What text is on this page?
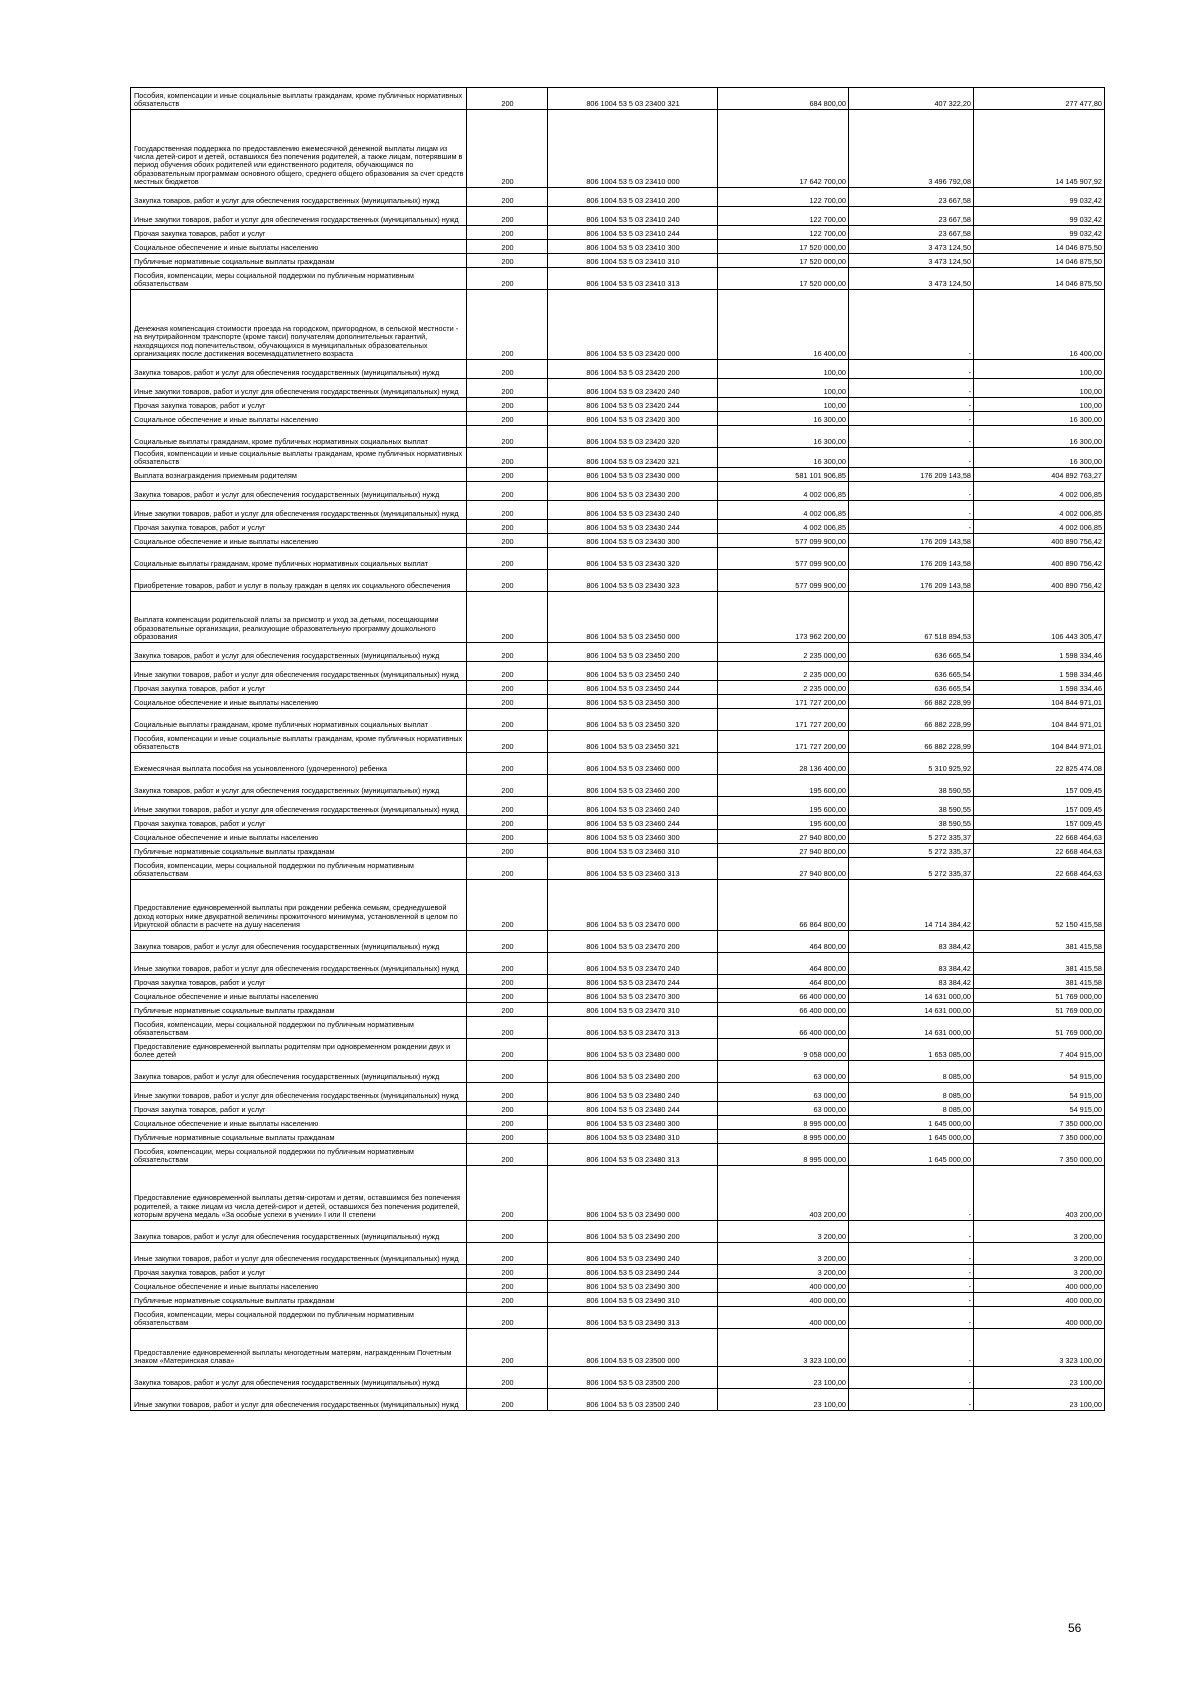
Пособия, компенсации и иные социальные выплаты гражданам, кроме публичных нормативных обязательств	200	806 1004 53 5 03 23400 321	684 800,00	407 322,20	277 477,80
Государственная поддержка по предоставлению ежемесячной денежной выплаты лицам из числа детей-сирот и детей, оставшихся без попечения родителей, а также лицам, потерявшим в период обучения обоих родителей или единственного родителя, обучающимся по образовательным программам основного общего, среднего общего образования за счет средств местных бюджетов	200	806 1004 53 5 03 23410 000	17 642 700,00	3 496 792,08	14 145 907,92
Закупка товаров, работ и услуг для обеспечения государственных (муниципальных) нужд	200	806 1004 53 5 03 23410 200	122 700,00	23 667,58	99 032,42
Иные закупки товаров, работ и услуг для обеспечения государственных (муниципальных) нужд	200	806 1004 53 5 03 23410 240	122 700,00	23 667,58	99 032,42
Прочая закупка товаров, работ и услуг	200	806 1004 53 5 03 23410 244	122 700,00	23 667,58	99 032,42
Социальное обеспечение и иные выплаты населению	200	806 1004 53 5 03 23410 300	17 520 000,00	3 473 124,50	14 046 875,50
Публичные нормативные социальные выплаты гражданам	200	806 1004 53 5 03 23410 310	17 520 000,00	3 473 124,50	14 046 875,50
Пособия, компенсации, меры социальной поддержки по публичным нормативным обязательствам	200	806 1004 53 5 03 23410 313	17 520 000,00	3 473 124,50	14 046 875,50
Денежная компенсация стоимости проезда на городском, пригородном, в сельской местности - на внутрирайонном транспорте (кроме такси) получателям дополнительных гарантий, находящихся под попечительством, обучающихся в муниципальных образовательных организациях после достижения восемнадцатилетнего возраста	200	806 1004 53 5 03 23420 000	16 400,00	-	16 400,00
Закупка товаров, работ и услуг для обеспечения государственных (муниципальных) нужд	200	806 1004 53 5 03 23420 200	100,00	-	100,00
Иные закупки товаров, работ и услуг для обеспечения государственных (муниципальных) нужд	200	806 1004 53 5 03 23420 240	100,00	-	100,00
Прочая закупка товаров, работ и услуг	200	806 1004 53 5 03 23420 244	100,00	-	100,00
Социальное обеспечение и иные выплаты населению	200	806 1004 53 5 03 23420 300	16 300,00	-	16 300,00
Социальные выплаты гражданам, кроме публичных нормативных социальных выплат	200	806 1004 53 5 03 23420 320	16 300,00	-	16 300,00
Пособия, компенсации и иные социальные выплаты гражданам, кроме публичных нормативных обязательств	200	806 1004 53 5 03 23420 321	16 300,00	-	16 300,00
Выплата вознаграждения приемным родителям	200	806 1004 53 5 03 23430 000	581 101 906,85	176 209 143,58	404 892 763,27
Закупка товаров, работ и услуг для обеспечения государственных (муниципальных) нужд	200	806 1004 53 5 03 23430 200	4 002 006,85	-	4 002 006,85
Иные закупки товаров, работ и услуг для обеспечения государственных (муниципальных) нужд	200	806 1004 53 5 03 23430 240	4 002 006,85	-	4 002 006,85
Прочая закупка товаров, работ и услуг	200	806 1004 53 5 03 23430 244	4 002 006,85	-	4 002 006,85
Социальное обеспечение и иные выплаты населению	200	806 1004 53 5 03 23430 300	577 099 900,00	176 209 143,58	400 890 756,42
Социальные выплаты гражданам, кроме публичных нормативных социальных выплат	200	806 1004 53 5 03 23430 320	577 099 900,00	176 209 143,58	400 890 756,42
Приобретение товаров, работ и услуг в пользу граждан в целях их социального обеспечения	200	806 1004 53 5 03 23430 323	577 099 900,00	176 209 143,58	400 890 756,42
Выплата компенсации родительской платы за присмотр и уход за детьми, посещающими образовательные организации, реализующие образовательную программу дошкольного образования	200	806 1004 53 5 03 23450 000	173 962 200,00	67 518 894,53	106 443 305,47
Закупка товаров, работ и услуг для обеспечения государственных (муниципальных) нужд	200	806 1004 53 5 03 23450 200	2 235 000,00	636 665,54	1 598 334,46
Иные закупки товаров, работ и услуг для обеспечения государственных (муниципальных) нужд	200	806 1004 53 5 03 23450 240	2 235 000,00	636 665,54	1 598 334,46
Прочая закупка товаров, работ и услуг	200	806 1004 53 5 03 23450 244	2 235 000,00	636 665,54	1 598 334,46
Социальное обеспечение и иные выплаты населению	200	806 1004 53 5 03 23450 300	171 727 200,00	66 882 228,99	104 844 971,01
Социальные выплаты гражданам, кроме публичных нормативных социальных выплат	200	806 1004 53 5 03 23450 320	171 727 200,00	66 882 228,99	104 844 971,01
Пособия, компенсации и иные социальные выплаты гражданам, кроме публичных нормативных обязательств	200	806 1004 53 5 03 23450 321	171 727 200,00	66 882 228,99	104 844 971,01
Ежемесячная выплата пособия на усыновленного (удочеренного) ребенка	200	806 1004 53 5 03 23460 000	28 136 400,00	5 310 925,92	22 825 474,08
Закупка товаров, работ и услуг для обеспечения государственных (муниципальных) нужд	200	806 1004 53 5 03 23460 200	195 600,00	38 590,55	157 009,45
Иные закупки товаров, работ и услуг для обеспечения государственных (муниципальных) нужд	200	806 1004 53 5 03 23460 240	195 600,00	38 590,55	157 009,45
Прочая закупка товаров, работ и услуг	200	806 1004 53 5 03 23460 244	195 600,00	38 590,55	157 009,45
Социальное обеспечение и иные выплаты населению	200	806 1004 53 5 03 23460 300	27 940 800,00	5 272 335,37	22 668 464,63
Публичные нормативные социальные выплаты гражданам	200	806 1004 53 5 03 23460 310	27 940 800,00	5 272 335,37	22 668 464,63
Пособия, компенсации, меры социальной поддержки по публичным нормативным обязательствам	200	806 1004 53 5 03 23460 313	27 940 800,00	5 272 335,37	22 668 464,63
Предоставление единовременной выплаты при рождении ребенка семьям, среднедушевой доход которых ниже двукратной величины прожиточного минимума, установленной в целом по Иркутской области в расчете на душу населения	200	806 1004 53 5 03 23470 000	66 864 800,00	14 714 384,42	52 150 415,58
Закупка товаров, работ и услуг для обеспечения государственных (муниципальных) нужд	200	806 1004 53 5 03 23470 200	464 800,00	83 384,42	381 415,58
Иные закупки товаров, работ и услуг для обеспечения государственных (муниципальных) нужд	200	806 1004 53 5 03 23470 240	464 800,00	83 384,42	381 415,58
Прочая закупка товаров, работ и услуг	200	806 1004 53 5 03 23470 244	464 800,00	83 384,42	381 415,58
Социальное обеспечение и иные выплаты населению	200	806 1004 53 5 03 23470 300	66 400 000,00	14 631 000,00	51 769 000,00
Публичные нормативные социальные выплаты гражданам	200	806 1004 53 5 03 23470 310	66 400 000,00	14 631 000,00	51 769 000,00
Пособия, компенсации, меры социальной поддержки по публичным нормативным обязательствам	200	806 1004 53 5 03 23470 313	66 400 000,00	14 631 000,00	51 769 000,00
Предоставление единовременной выплаты родителям при одновременном рождении двух и более детей	200	806 1004 53 5 03 23480 000	9 058 000,00	1 653 085,00	7 404 915,00
Закупка товаров, работ и услуг для обеспечения государственных (муниципальных) нужд	200	806 1004 53 5 03 23480 200	63 000,00	8 085,00	54 915,00
Иные закупки товаров, работ и услуг для обеспечения государственных (муниципальных) нужд	200	806 1004 53 5 03 23480 240	63 000,00	8 085,00	54 915,00
Прочая закупка товаров, работ и услуг	200	806 1004 53 5 03 23480 244	63 000,00	8 085,00	54 915,00
Социальное обеспечение и иные выплаты населению	200	806 1004 53 5 03 23480 300	8 995 000,00	1 645 000,00	7 350 000,00
Публичные нормативные социальные выплаты гражданам	200	806 1004 53 5 03 23480 310	8 995 000,00	1 645 000,00	7 350 000,00
Пособия, компенсации, меры социальной поддержки по публичным нормативным обязательствам	200	806 1004 53 5 03 23480 313	8 995 000,00	1 645 000,00	7 350 000,00
Предоставление единовременной выплаты детям-сиротам и детям, оставшимся без попечения родителей, а также лицам из числа детей-сирот и детей, оставшихся без попечения родителей, которым вручена медаль «За особые успехи в учении» I или II степени	200	806 1004 53 5 03 23490 000	403 200,00	-	403 200,00
Закупка товаров, работ и услуг для обеспечения государственных (муниципальных) нужд	200	806 1004 53 5 03 23490 200	3 200,00	-	3 200,00
Иные закупки товаров, работ и услуг для обеспечения государственных (муниципальных) нужд	200	806 1004 53 5 03 23490 240	3 200,00	-	3 200,00
Прочая закупка товаров, работ и услуг	200	806 1004 53 5 03 23490 244	3 200,00	-	3 200,00
Социальное обеспечение и иные выплаты населению	200	806 1004 53 5 03 23490 300	400 000,00	-	400 000,00
Публичные нормативные социальные выплаты гражданам	200	806 1004 53 5 03 23490 310	400 000,00	-	400 000,00
Пособия, компенсации, меры социальной поддержки по публичным нормативным обязательствам	200	806 1004 53 5 03 23490 313	400 000,00	-	400 000,00
Предоставление единовременной выплаты многодетным матерям, награжденным Почетным знаком «Материнская слава»	200	806 1004 53 5 03 23500 000	3 323 100,00	-	3 323 100,00
Закупка товаров, работ и услуг для обеспечения государственных (муниципальных) нужд	200	806 1004 53 5 03 23500 200	23 100,00	-	23 100,00
Иные закупки товаров, работ и услуг для обеспечения государственных (муниципальных) нужд	200	806 1004 53 5 03 23500 240	23 100,00	-	23 100,00
56
